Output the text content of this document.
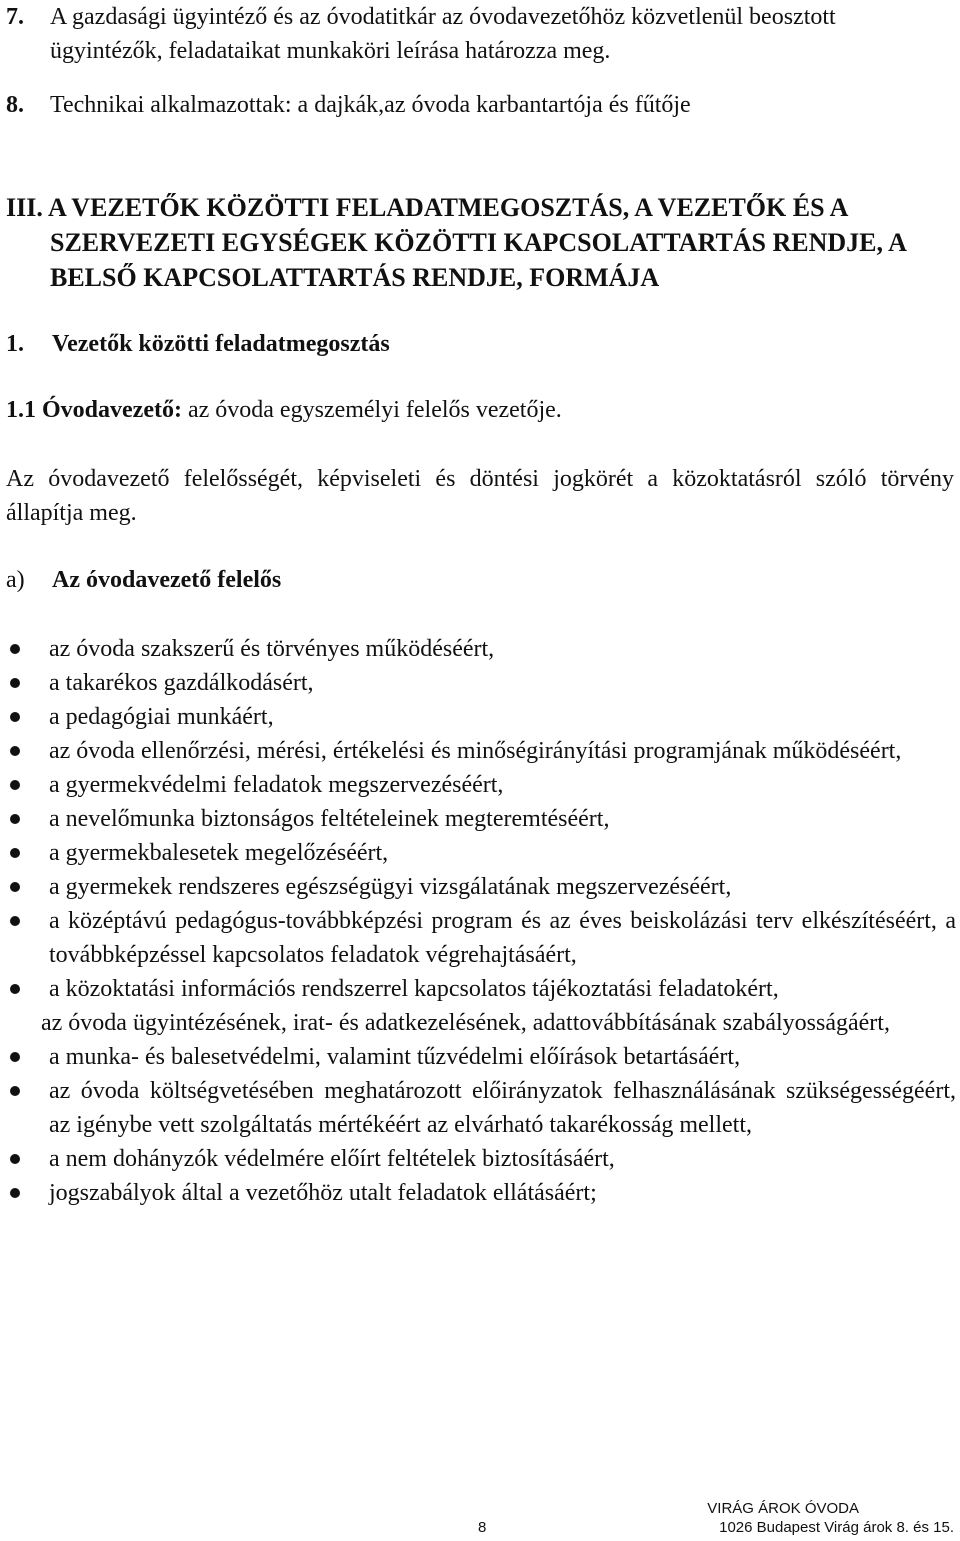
7. A gazdasági ügyintéző és az óvodatitkár az óvodavezetőhöz közvetlenül beosztott ügyintézők, feladataikat munkaköri leírása határozza meg.
8. Technikai alkalmazottak: a dajkák,az óvoda karbantartója és fűtője
III. A VEZETŐK KÖZÖTTI FELADATMEGOSZTÁS, A VEZETŐK ÉS A SZERVEZETI EGYSÉGEK KÖZÖTTI KAPCSOLATTARTÁS RENDJE, A BELSŐ KAPCSOLATTARTÁS RENDJE, FORMÁJA
1. Vezetők közötti feladatmegosztás
1.1 Óvodavezető: az óvoda egyszemélyi felelős vezetője.
Az óvodavezető felelősségét, képviseleti és döntési jogkörét a közoktatásról szóló törvény állapítja meg.
a) Az óvodavezető felelős
az óvoda szakszerű és törvényes működéséért,
a takarékos gazdálkodásért,
a pedagógiai munkáért,
az óvoda ellenőrzési, mérési, értékelési és minőségirányítási programjának működéséért,
a gyermekvédelmi feladatok megszervezéséért,
a nevelőmunka biztonságos feltételeinek megteremtéséért,
a gyermekbalesetek megelőzéséért,
a gyermekek rendszeres egészségügyi vizsgálatának megszervezéséért,
a középtávú pedagógus-továbbképzési program és az éves beiskolázási terv elkészítéséért, a továbbképzéssel kapcsolatos feladatok végrehajtásáért,
a közoktatási információs rendszerrel kapcsolatos tájékoztatási feladatokért,
az óvoda ügyintézésének, irat- és adatkezelésének, adattovábbításának szabályosságáért,
a munka- és balesetvédelmi, valamint tűzvédelmi előírások betartásáért,
az óvoda költségvetésében meghatározott előirányzatok felhasználásának szükségességéért, az igénybe vett szolgáltatás mértékéért az elvárható takarékosság mellett,
a nem dohányzók védelmére előírt feltételek biztosításáért,
jogszabályok által a vezetőhöz utalt feladatok ellátásáért;
8
VIRÁG ÁROK ÓVODA
1026 Budapest Virág árok 8. és 15.
